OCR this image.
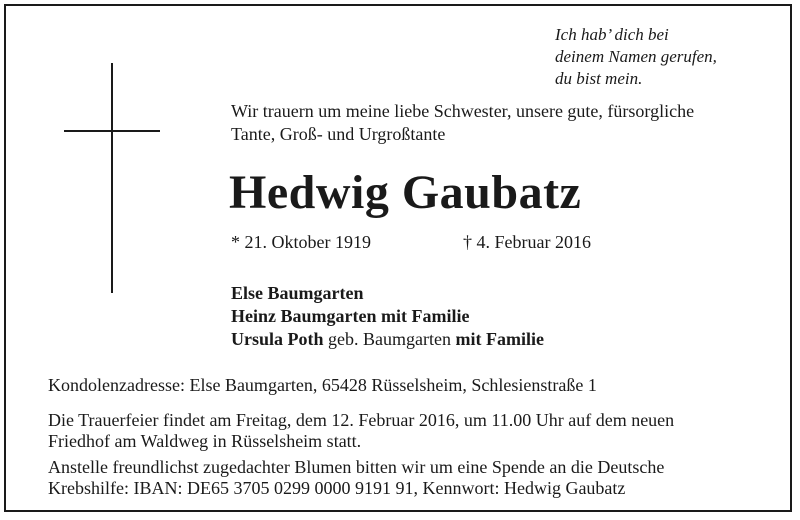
Ich hab’ dich bei
deinem Namen gerufen,
du bist mein.
Wir trauern um meine liebe Schwester, unsere gute, fürsorgliche
Tante, Groß- und Urgroßtante
Hedwig Gaubatz
* 21. Oktober 1919	† 4. Februar 2016
Else Baumgarten
Heinz Baumgarten mit Familie
Ursula Poth geb. Baumgarten mit Familie
Kondolenzadresse: Else Baumgarten, 65428 Rüsselsheim, Schlesienstraße 1
Die Trauerfeier findet am Freitag, dem 12. Februar 2016, um 11.00 Uhr auf dem neuen
Friedhof am Waldweg in Rüsselsheim statt.
Anstelle freundlichst zugedachter Blumen bitten wir um eine Spende an die Deutsche
Krebshilfe: IBAN: DE65 3705 0299 0000 9191 91, Kennwort: Hedwig Gaubatz
